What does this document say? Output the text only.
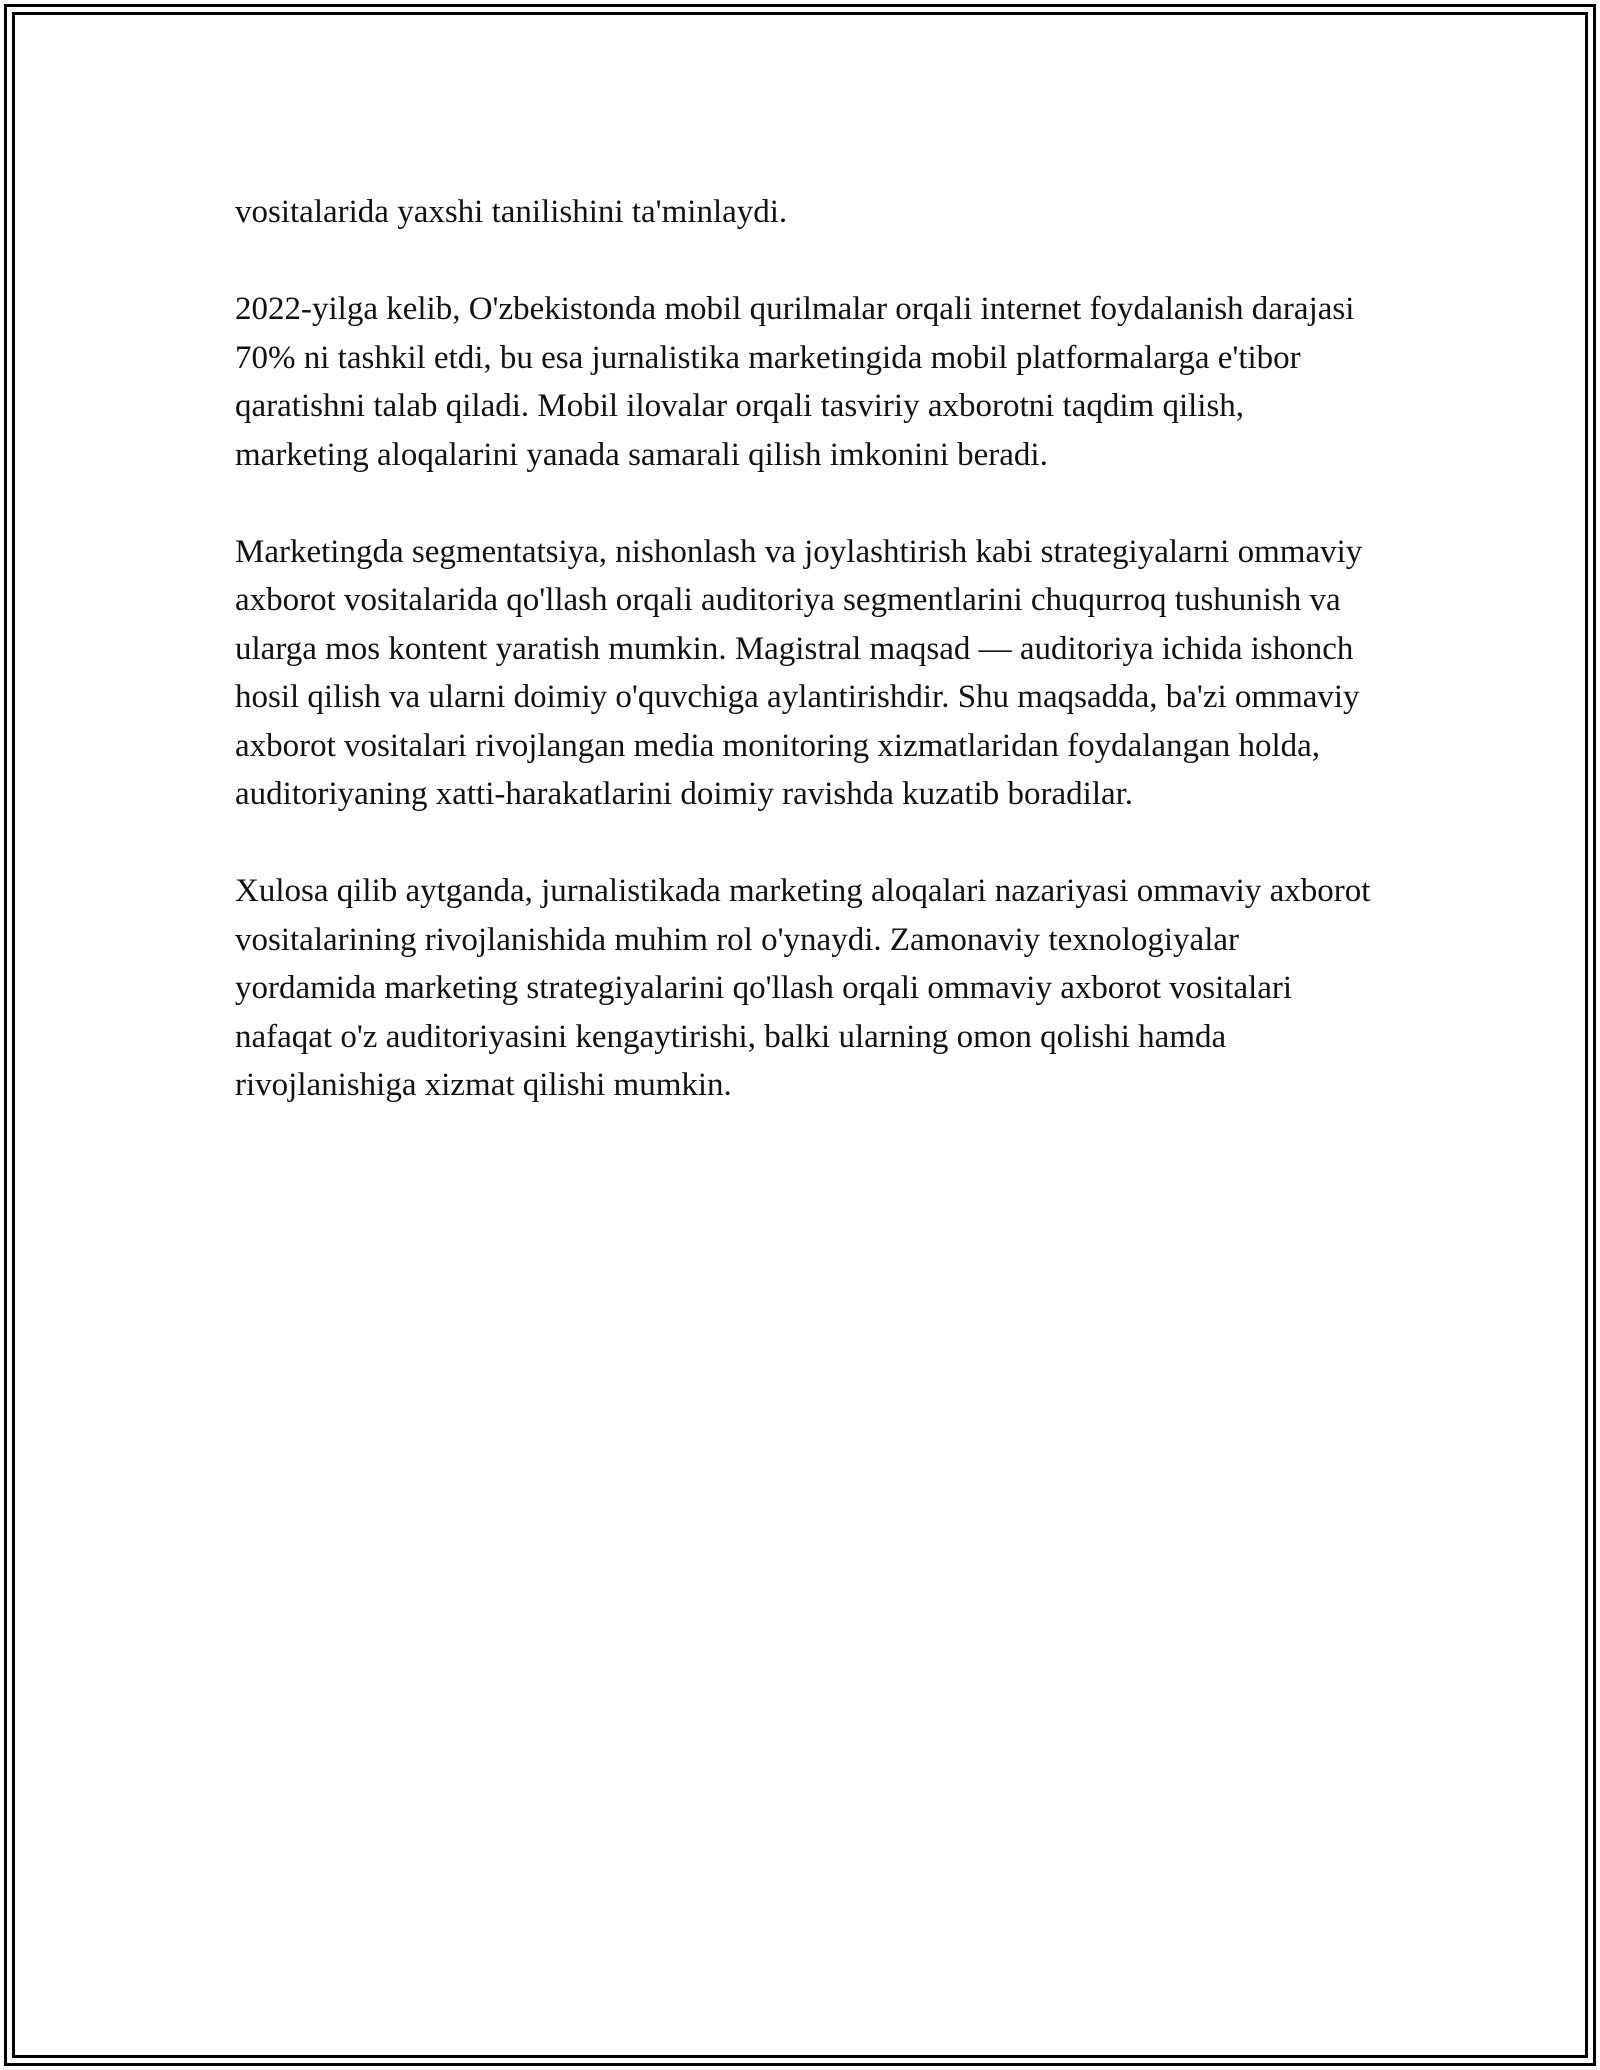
vositalarida yaxshi tanilishini ta'minlaydi.

2022-yilga kelib, O'zbekistonda mobil qurilmalar orqali internet foydalanish darajasi 70% ni tashkil etdi, bu esa jurnalistika marketingida mobil platformalarga e'tibor qaratishni talab qiladi. Mobil ilovalar orqali tasviriy axborotni taqdim qilish, marketing aloqalarini yanada samarali qilish imkonini beradi.

Marketingda segmentatsiya, nishonlash va joylashtirish kabi strategiyalarni ommaviy axborot vositalarida qo'llash orqali auditoriya segmentlarini chuqurroq tushunish va ularga mos kontent yaratish mumkin. Magistral maqsad — auditoriya ichida ishonch hosil qilish va ularni doimiy o'quvchiga aylantirishdir. Shu maqsadda, ba'zi ommaviy axborot vositalari rivojlangan media monitoring xizmatlaridan foydalangan holda, auditoriyaning xatti-harakatlarini doimiy ravishda kuzatib boradilar.

Xulosa qilib aytganda, jurnalistikada marketing aloqalari nazariyasi ommaviy axborot vositalarining rivojlanishida muhim rol o'ynaydi. Zamonaviy texnologiyalar yordamida marketing strategiyalarini qo'llash orqali ommaviy axborot vositalari nafaqat o'z auditoriyasini kengaytirishi, balki ularning omon qolishi hamda rivojlanishiga xizmat qilishi mumkin.
